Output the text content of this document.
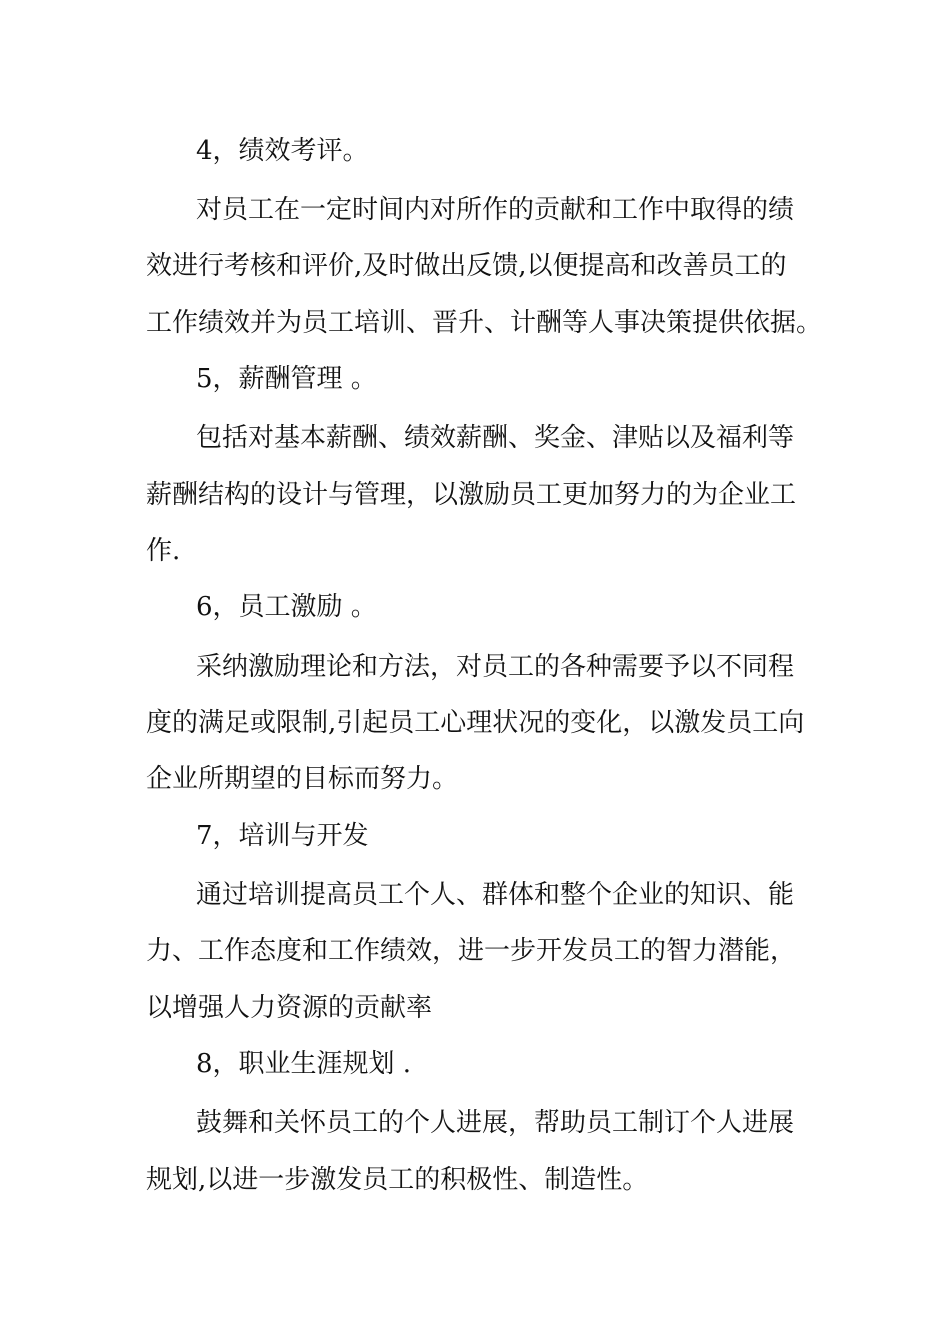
4，绩效考评。
对员工在一定时间内对所作的贡献和工作中取得的绩
效进行考核和评价,及时做出反馈,以便提高和改善员工的
工作绩效并为员工培训、晋升、计酬等人事决策提供依据。
5，薪酬管理 。
包括对基本薪酬、绩效薪酬、奖金、津贴以及福利等
薪酬结构的设计与管理，以激励员工更加努力的为企业工
作.
6，员工激励 。
采纳激励理论和方法，对员工的各种需要予以不同程
度的满足或限制,引起员工心理状况的变化，以激发员工向
企业所期望的目标而努力。
7，培训与开发
通过培训提高员工个人、群体和整个企业的知识、能
力、工作态度和工作绩效，进一步开发员工的智力潜能，
以增强人力资源的贡献率
8，职业生涯规划 .
鼓舞和关怀员工的个人进展，帮助员工制订个人进展
规划,以进一步激发员工的积极性、制造性。
